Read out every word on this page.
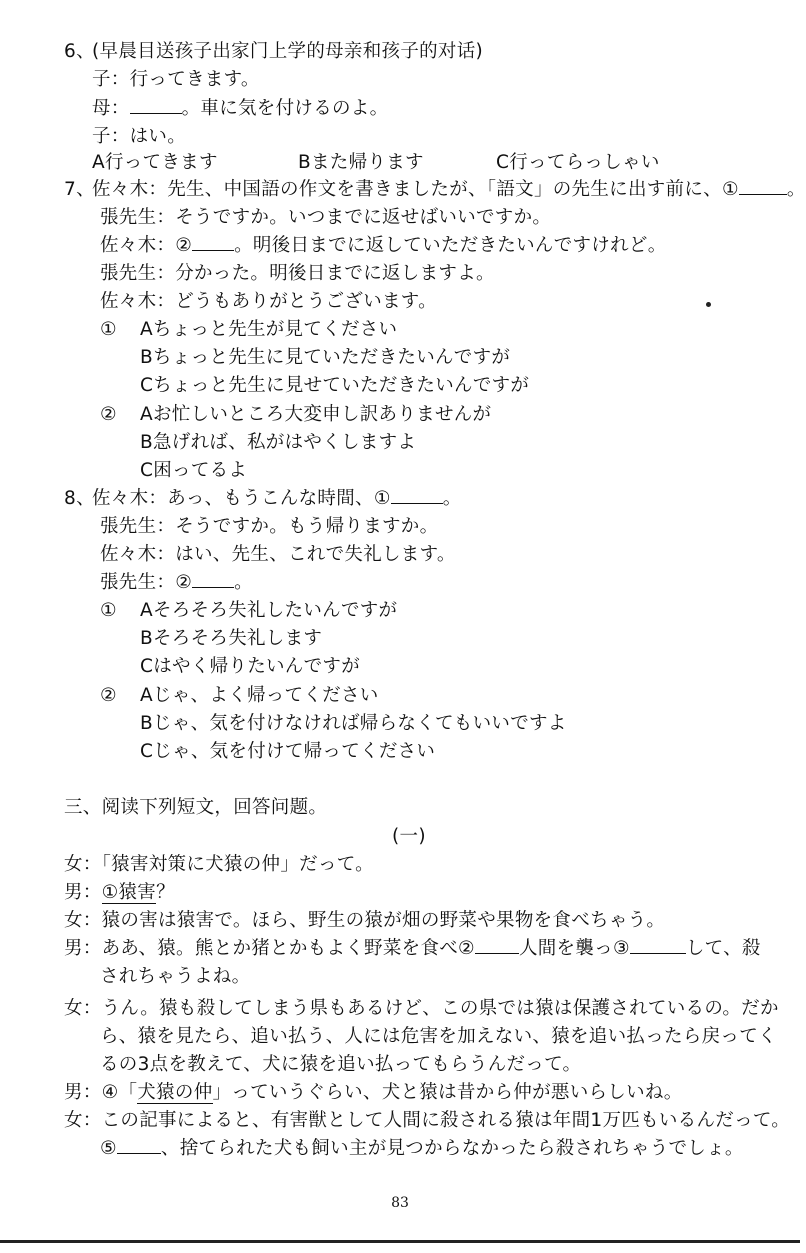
6、(早晨目送孩子出家门上学的母亲和孩子的对话)
子：行ってきます。
母：	。車に気を付けるのよ。
子：はい。
A行ってきます	Bまた帰ります	C行ってらっしゃい
7、佐々木：先生、中国語の作文を書きましたが、「語文」の先生に出す前に、①	。
張先生：そうですか。いつまでに返せばいいですか。
佐々木：② 。明後日までに返していただきたいんですけれど。
張先生：分かった。明後日までに返しますよ。
佐々木：どうもありがとうございます。
① Aちょっと先生が見てください
Bちょっと先生に見ていただきたいんですが
Cちょっと先生に見せていただきたいんですが
② Aお忙しいところ大変申し訳ありませんが
B急げれば、私がはやくしますよ
C困ってるよ
8、佐々木：あっ、もうこんな時間、①	。
張先生：そうですか。もう帰りますか。
佐々木：はい、先生、これで失礼します。
張先生：② 。
① Aそろそろ失礼したいんですが
Bそろそろ失礼します
Cはやく帰りたいんですが
② Aじゃ、よく帰ってください
Bじゃ、気を付けなければ帰らなくてもいいですよ
Cじゃ、気を付けて帰ってください
三、阅读下列短文，回答问题。
(一)
女：「猿害対策に犬猿の仲」だって。
男：①猿害？
女：猿の害は猿害で。ほら、野生の猿が畑の野菜や果物を食べちゃう。
男：ああ、猿。熊とか猪とかもよく野菜を食べ② 人間を襲っ③	して、殺
されちゃうよね。
女：うん。猿も殺してしまう県もあるけど、この県では猿は保護されているの。だか
ら、猿を見たら、追い払う、人には危害を加えない、猿を追い払ったら戻ってく
るの3点を教えて、犬に猿を追い払ってもらうんだって。
男：④「犬猿の仲」っていうぐらい、犬と猿は昔から仲が悪いらしいね。
女：この記事によると、有害獣として人間に殺される猿は年間1万匹もいるんだって。
⑤ 、捨てられた犬も飼い主が見つからなかったら殺されちゃうでしょ。
83
